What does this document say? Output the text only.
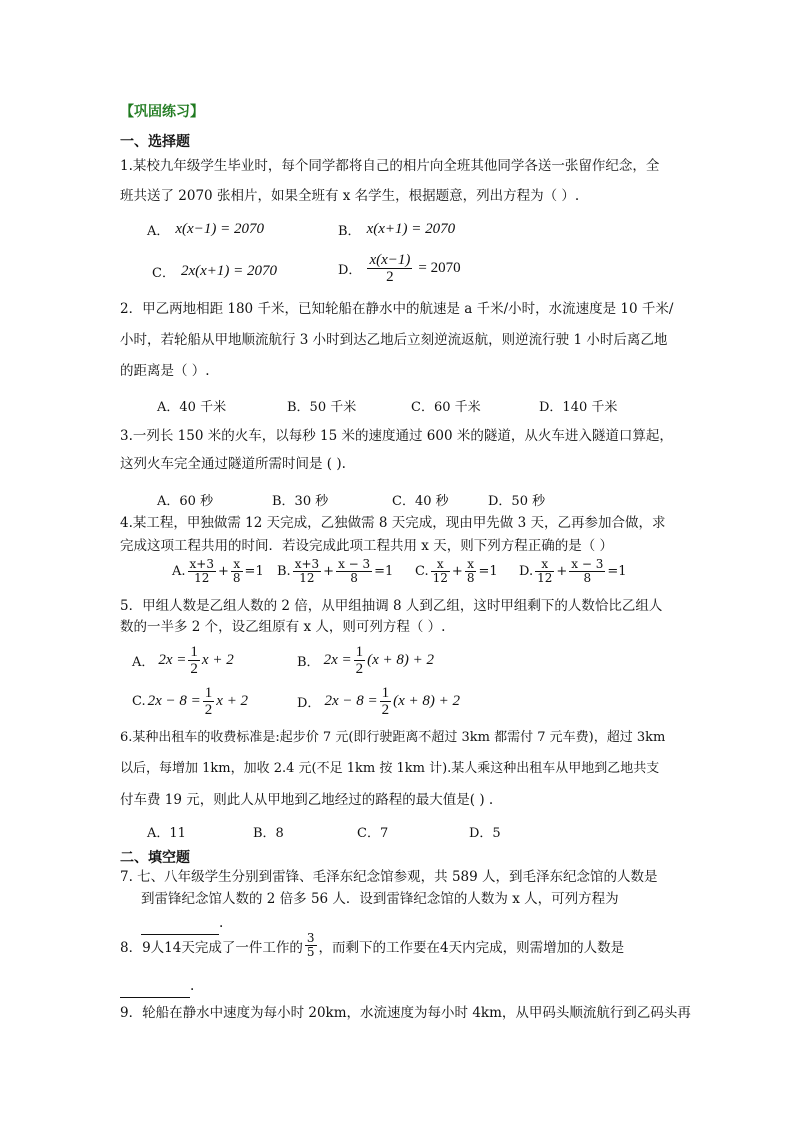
【巩固练习】
一、选择题
1.某校九年级学生毕业时，每个同学都将自己的相片向全班其他同学各送一张留作纪念，全
班共送了 2070 张相片，如果全班有 x 名学生，根据题意，列出方程为（ ）.
A． x(x−1) = 2070	B． x(x+1) = 2070
C． 2x(x+1) = 2070	D． $\frac{x(x-1)}{2} = 2070$
2．甲乙两地相距 180 千米，已知轮船在静水中的航速是 a 千米/小时，水流速度是 10 千米/
小时，若轮船从甲地顺流航行 3 小时到达乙地后立刻逆流返航，则逆流行驶 1 小时后离乙地
的距离是（ ）.
A．40 千米	B．50 千米	C．60 千米	D．140 千米
3.一列长 150 米的火车，以每秒 15 米的速度通过 600 米的隧道，从火车进入隧道口算起，
这列火车完全通过隧道所需时间是 ( ).
A．60 秒	B．30 秒	C．40 秒	D．50 秒
4.某工程，甲独做需 12 天完成，乙独做需 8 天完成，现由甲先做 3 天，乙再参加合做，求
完成这项工程共用的时间．若设完成此项工程共用 x 天，则下列方程正确的是（ ）
A. $\frac{x+3}{12} + \frac{x}{8} =1$ B. $\frac{x+3}{12} + \frac{x - 3}{8} =1$ C. $\frac{x}{12} + \frac{x}{8} =1$ D. $\frac{x}{12} + \frac{x - 3}{8} =1$
5．甲组人数是乙组人数的 2 倍，从甲组抽调 8 人到乙组，这时甲组剩下的人数恰比乙组人
数的一半多 2 个，设乙组原有 x 人，则可列方程（ ）.
A． $2x = \frac{1}{2}$ x + 2	B． $2x = \frac{1}{2} (x + 8) + 2$
C. $2x - 8 = \frac{1}{2}$ x + 2	D． $2x - 8 = \frac{1}{2} (x + 8) + 2$
6.某种出租车的收费标准是:起步价 7 元(即行驶距离不超过 3km 都需付 7 元车费)，超过 3km
以后，每增加 1km，加收 2.4 元(不足 1km 按 1km 计).某人乘这种出租车从甲地到乙地共支
付车费 19 元，则此人从甲地到乙地经过的路程的最大值是( ) .
A．11	B．8	C．7	D．5
二、填空题
7. 七、八年级学生分别到雷锋、毛泽东纪念馆参观，共 589 人，到毛泽东纪念馆的人数是
到雷锋纪念馆人数的 2 倍多 56 人．设到雷锋纪念馆的人数为 x 人，可列方程为
.
8．9人14天完成了一件工作的 $\frac{3}{5}$ ，而剩下的工作要在4天内完成，则需增加的人数是
.
9．轮船在静水中速度为每小时 20km，水流速度为每小时 4km，从甲码头顺流航行到乙码头再
